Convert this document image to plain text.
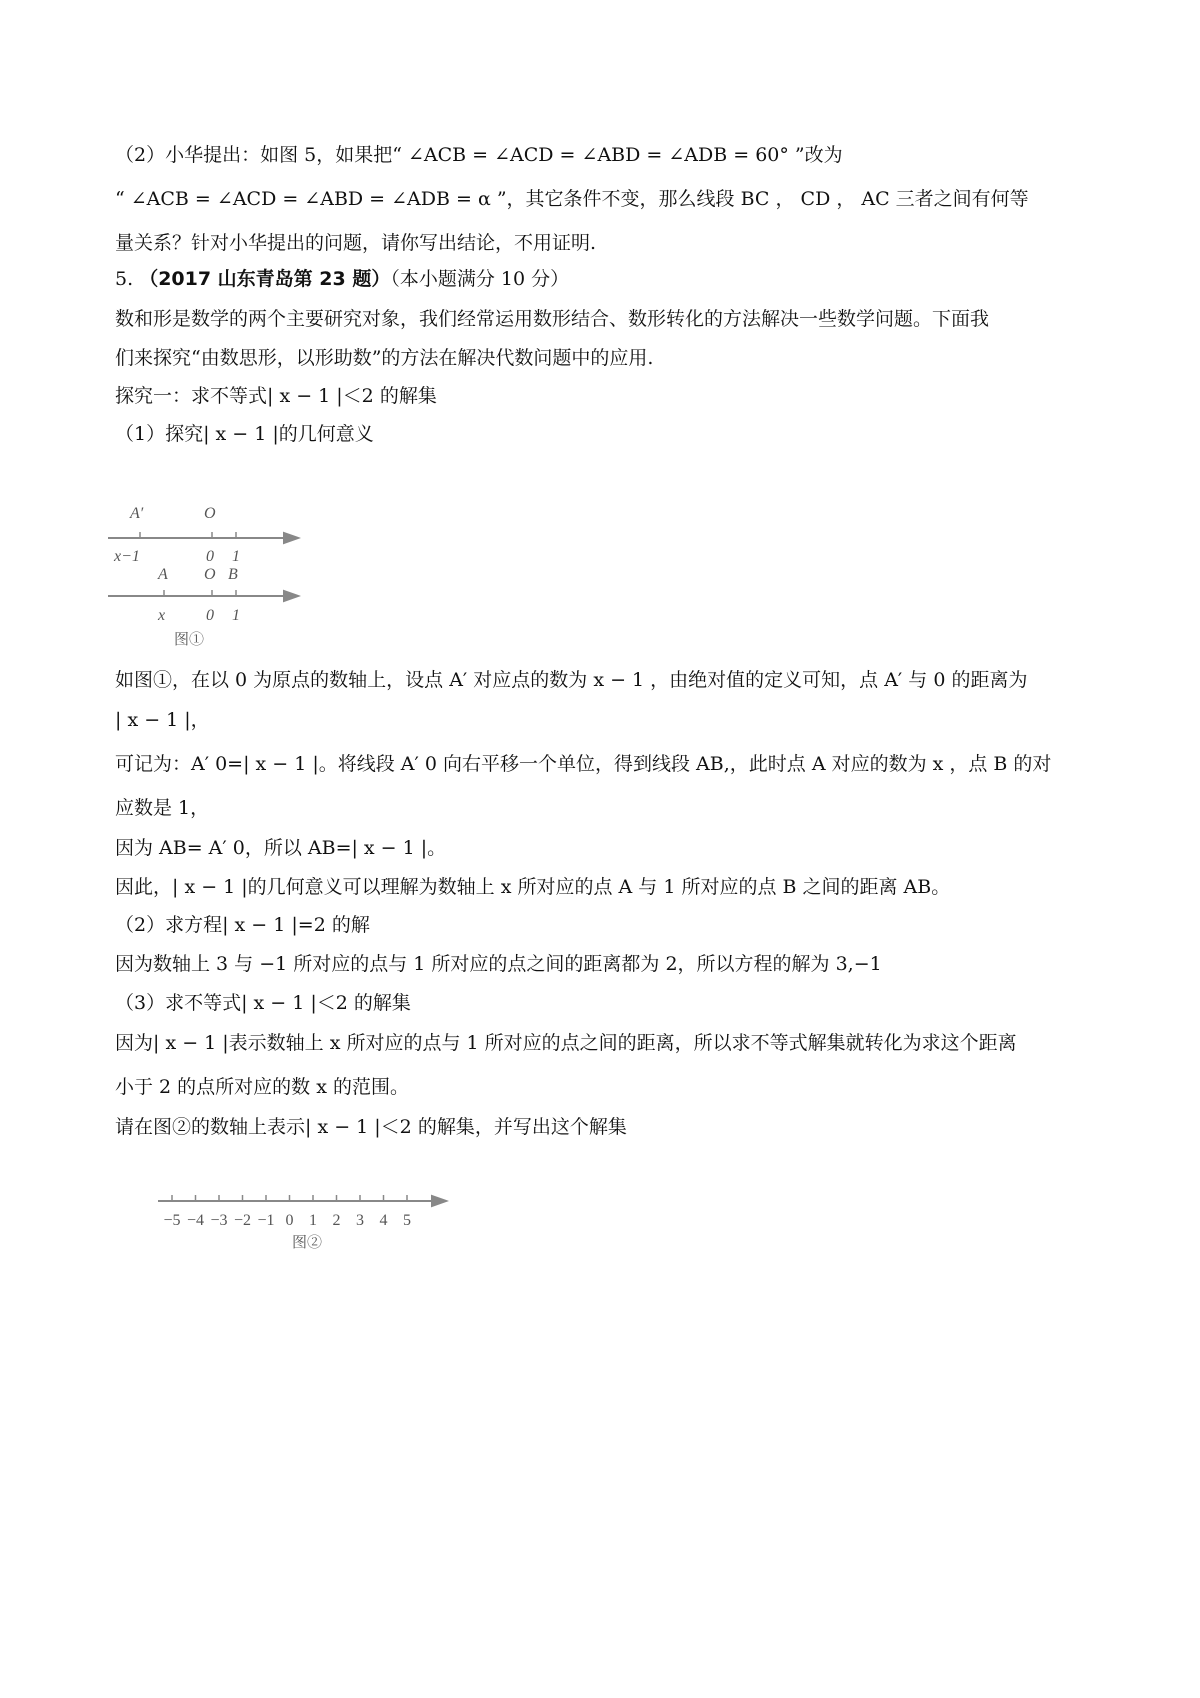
（2）小华提出：如图 5，如果把“ ∠ACB = ∠ACD = ∠ABD = ∠ADB = 60° ”改为
“ ∠ACB = ∠ACD = ∠ABD = ∠ADB = α ”，其它条件不变，那么线段 BC ， CD ， AC 三者之间有何等
量关系？针对小华提出的问题，请你写出结论，不用证明.
5. （2017 山东青岛第 23 题）（本小题满分 10 分）
数和形是数学的两个主要研究对象，我们经常运用数形结合、数形转化的方法解决一些数学问题。下面我
们来探究“由数思形，以形助数”的方法在解决代数问题中的应用.
探究一：求不等式| x − 1 |＜2 的解集
（1）探究| x − 1 |的几何意义
A′	O
x−1	0 1
A O B
x	0 1
图①
如图①，在以 0 为原点的数轴上，设点 A′ 对应点的数为 x − 1 ，由绝对值的定义可知，点 A′ 与 0 的距离为
| x − 1 |，
可记为：A′ 0=| x − 1 |。将线段 A′ 0 向右平移一个单位，得到线段 AB,，此时点 A 对应的数为 x ，点 B 的对
应数是 1，
因为 AB= A′ 0，所以 AB=| x − 1 |。
因此，| x − 1 |的几何意义可以理解为数轴上 x 所对应的点 A 与 1 所对应的点 B 之间的距离 AB。
（2）求方程| x − 1 |=2 的解
因为数轴上 3 与 −1 所对应的点与 1 所对应的点之间的距离都为 2，所以方程的解为 3,−1
（3）求不等式| x − 1 |＜2 的解集
因为| x − 1 |表示数轴上 x 所对应的点与 1 所对应的点之间的距离，所以求不等式解集就转化为求这个距离
小于 2 的点所对应的数 x 的范围。
请在图②的数轴上表示| x − 1 |＜2 的解集，并写出这个解集
−5 −4 −3 −2 −1 0 1 2 3 4 5
图②
